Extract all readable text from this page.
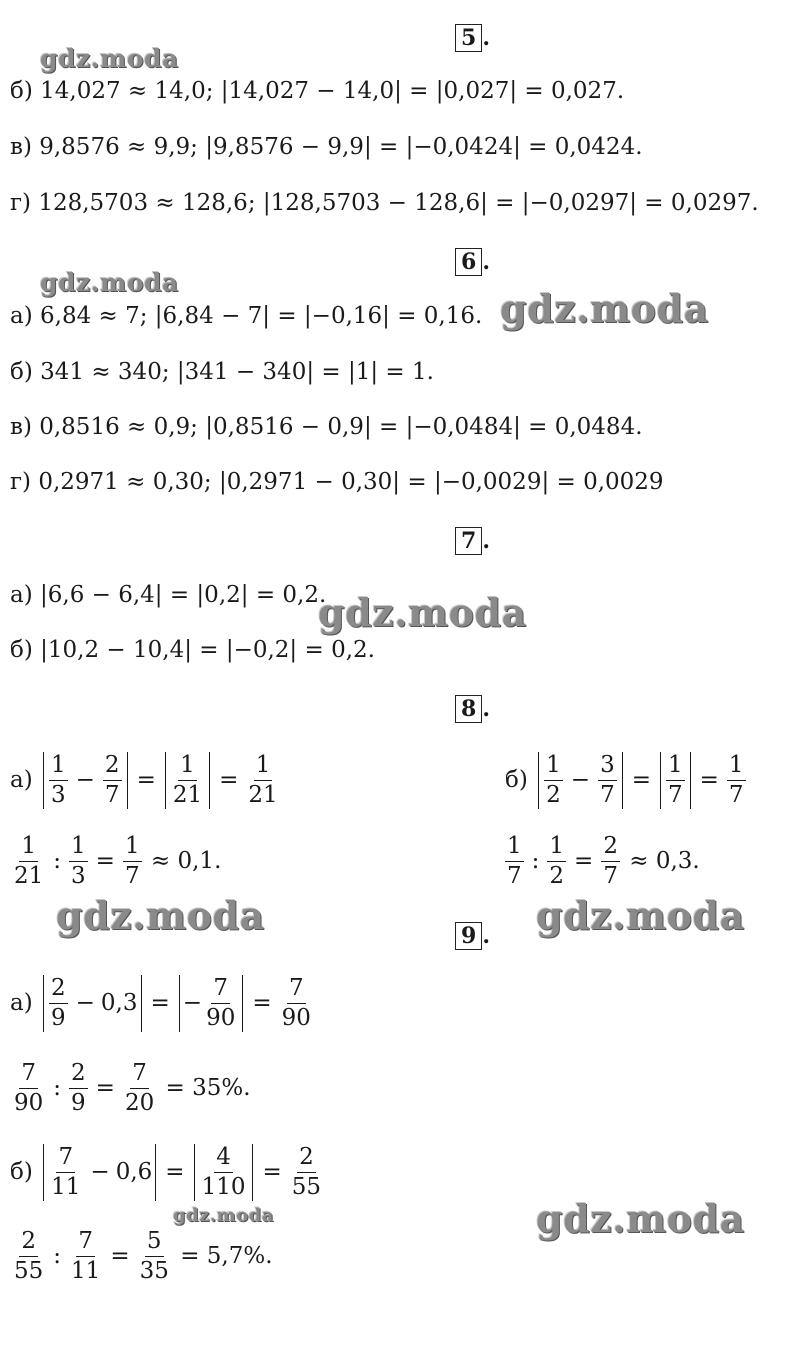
5 .
gdz.moda
б) 14,027 ≈ 14,0; |14,027 − 14,0| = |0,027| = 0,027.
в) 9,8576 ≈ 9,9; |9,8576 − 9,9| = |−0,0424| = 0,0424.
г) 128,5703 ≈ 128,6; |128,5703 − 128,6| = |−0,0297| = 0,0297.
6 .
gdz.moda
а) 6,84 ≈ 7; |6,84 − 7| = |−0,16| = 0,16. gdz.moda
б) 341 ≈ 340; |341 − 340| = |1| = 1.
в) 0,8516 ≈ 0,9; |0,8516 − 0,9| = |−0,0484| = 0,0484.
г) 0,2971 ≈ 0,30; |0,2971 − 0,30| = |−0,0029| = 0,0029
7 .
а) |6,6 − 6,4| = |0,2| = 0,2.
gdz.moda
б) |10,2 − 10,4| = |−0,2| = 0,2.
8 .
а)
$\frac{1}{3} - \frac{2}{7} = \frac{1}{21} = \frac{1}{21}$	б)
$\frac{1}{2} - \frac{3}{7} = \frac{1}{7} = \frac{1}{7}$
$\frac{1}{21}$ : $\frac{1}{3} = \frac{1}{7}$
≈ 0,1.	$\frac{1}{7}$ : $\frac{1}{2} = \frac{2}{7}$
≈ 0,3.
gdz.moda	gdz.moda
9 .
а)
$\frac{2}{9} - 0,3$ = − $\frac{7}{90} = \frac{7}{90}$
$\frac{7}{90}$ : $\frac{2}{9} = \frac{7}{20}$
= 35%.
б)
$\frac{7}{11} - 0,6 = \frac{4}{110} = \frac{2}{55}$
gdz.moda	gdz.moda
$\frac{2}{55}$ : $\frac{7}{11} = \frac{5}{35}$
= 5,7%.
